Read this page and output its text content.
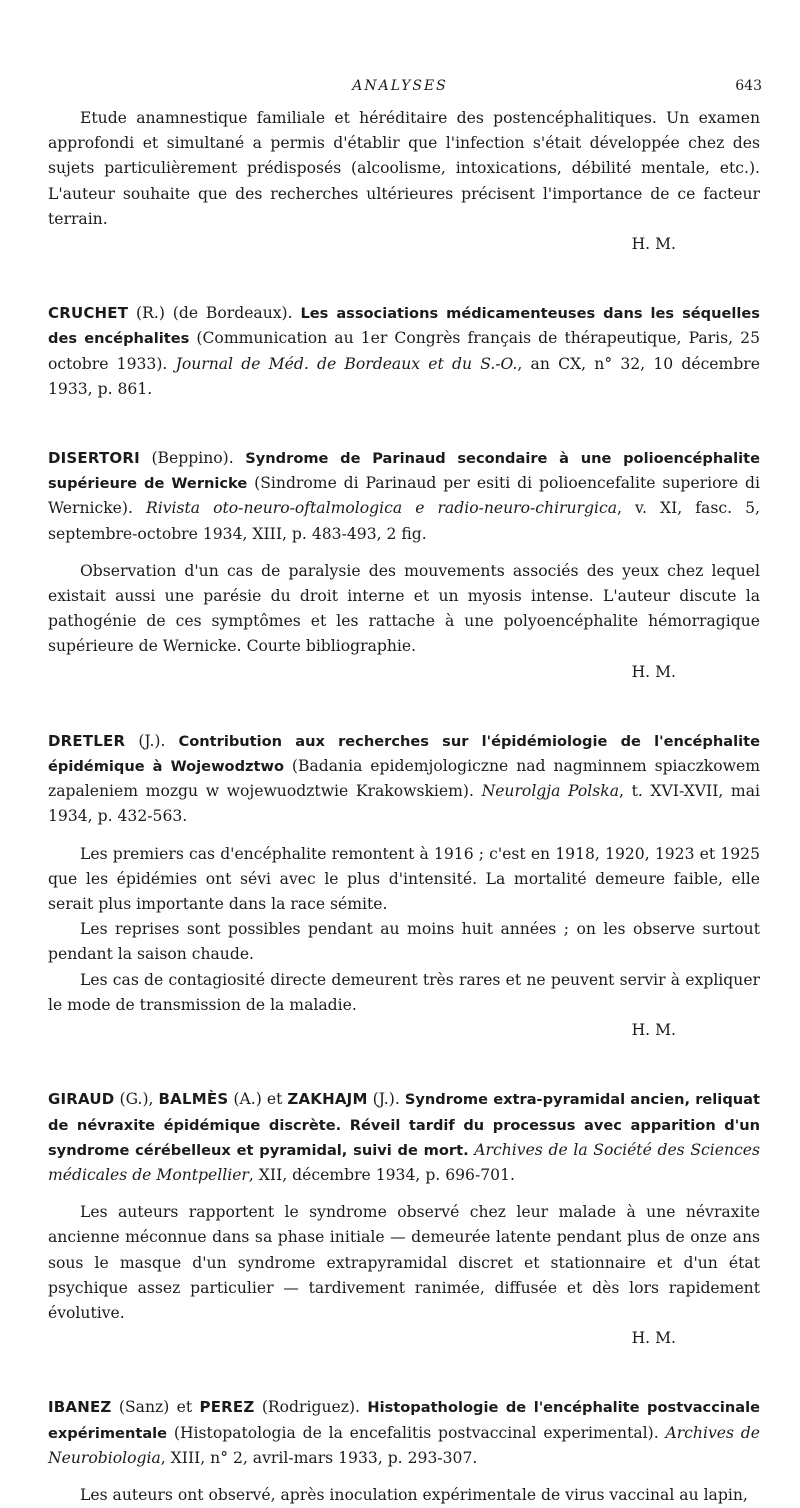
ANALYSES	643

Etude anamnestique familiale et héréditaire des postencéphalitiques. Un examen approfondi et simultané a permis d'établir que l'infection s'était développée chez des sujets particulièrement prédisposés (alcoolisme, intoxications, débilité mentale, etc.). L'auteur souhaite que des recherches ultérieures précisent l'importance de ce facteur terrain.

H. M.

CRUCHET (R.) (de Bordeaux). Les associations médicamenteuses dans les séquelles des encéphalites (Communication au 1er Congrès français de thérapeutique, Paris, 25 octobre 1933). Journal de Méd. de Bordeaux et du S.-O., an CX, n° 32, 10 décembre 1933, p. 861.

DISERTORI (Beppino). Syndrome de Parinaud secondaire à une polioencéphalite supérieure de Wernicke (Sindrome di Parinaud per esiti di polioencefalite superiore di Wernicke). Rivista oto-neuro-oftalmologica e radio-neuro-chirurgica, v. XI, fasc. 5, septembre-octobre 1934, XIII, p. 483-493, 2 fig.

Observation d'un cas de paralysie des mouvements associés des yeux chez lequel existait aussi une parésie du droit interne et un myosis intense. L'auteur discute la pathogénie de ces symptômes et les rattache à une polyoencéphalite hémorragique supérieure de Wernicke. Courte bibliographie.

H. M.

DRETLER (J.). Contribution aux recherches sur l'épidémiologie de l'encéphalite épidémique à Wojewodztwo (Badania epidemjologiczne nad nagminnem spiaczkowem zapaleniem mozgu w wojewuodztwie Krakowskiem). Neurolgja Polska, t. XVI-XVII, mai 1934, p. 432-563.

Les premiers cas d'encéphalite remontent à 1916 ; c'est en 1918, 1920, 1923 et 1925 que les épidémies ont sévi avec le plus d'intensité. La mortalité demeure faible, elle serait plus importante dans la race sémite.

Les reprises sont possibles pendant au moins huit années ; on les observe surtout pendant la saison chaude.

Les cas de contagiosité directe demeurent très rares et ne peuvent servir à expliquer le mode de transmission de la maladie.

H. M.

GIRAUD (G.), BALMÈS (A.) et ZAKHAJM (J.). Syndrome extra-pyramidal ancien, reliquat de névraxite épidémique discrète. Réveil tardif du processus avec apparition d'un syndrome cérébelleux et pyramidal, suivi de mort. Archives de la Société des Sciences médicales de Montpellier, XII, décembre 1934, p. 696-701.

Les auteurs rapportent le syndrome observé chez leur malade à une névraxite ancienne méconnue dans sa phase initiale — demeurée latente pendant plus de onze ans sous le masque d'un syndrome extrapyramidal discret et stationnaire et d'un état psychique assez particulier — tardivement ranimée, diffusée et dès lors rapidement évolutive.

H. M.

IBANEZ (Sanz) et PEREZ (Rodriguez). Histopathologie de l'encéphalite postvaccinale expérimentale (Histopatologia de la encefalitis postvaccinal experimental). Archives de Neurobiologia, XIII, n° 2, avril-mars 1933, p. 293-307.

Les auteurs ont observé, après inoculation expérimentale de virus vaccinal au lapin,
